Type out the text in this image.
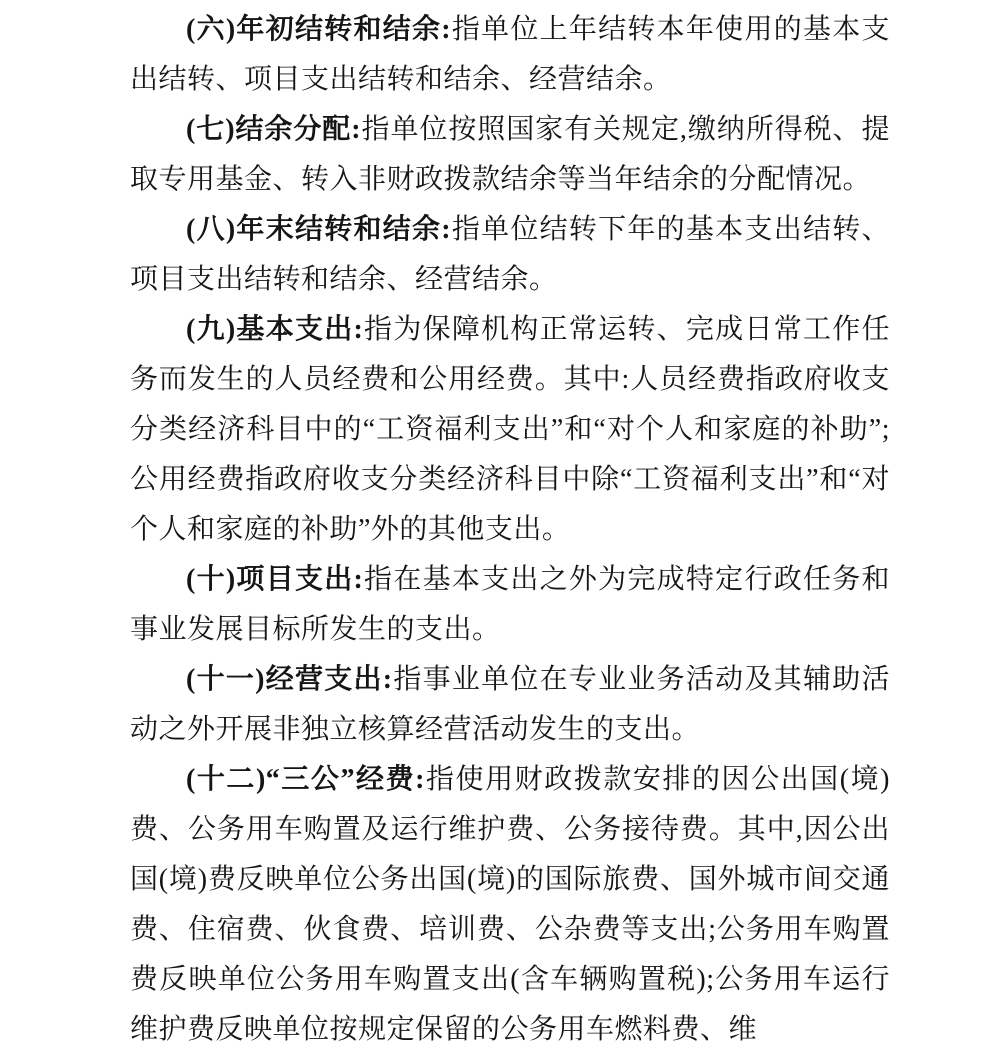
(六)年初结转和结余:指单位上年结转本年使用的基本支出结转、项目支出结转和结余、经营结余。

(七)结余分配:指单位按照国家有关规定,缴纳所得税、提取专用基金、转入非财政拨款结余等当年结余的分配情况。

(八)年末结转和结余:指单位结转下年的基本支出结转、项目支出结转和结余、经营结余。

(九)基本支出:指为保障机构正常运转、完成日常工作任务而发生的人员经费和公用经费。其中:人员经费指政府收支分类经济科目中的“工资福利支出”和“对个人和家庭的补助”;公用经费指政府收支分类经济科目中除“工资福利支出”和“对个人和家庭的补助”外的其他支出。

(十)项目支出:指在基本支出之外为完成特定行政任务和事业发展目标所发生的支出。

(十一)经营支出:指事业单位在专业业务活动及其辅助活动之外开展非独立核算经营活动发生的支出。

(十二)“三公”经费:指使用财政拨款安排的因公出国(境)费、公务用车购置及运行维护费、公务接待费。其中,因公出国(境)费反映单位公务出国(境)的国际旅费、国外城市间交通费、住宿费、伙食费、培训费、公杂费等支出;公务用车购置费反映单位公务用车购置支出(含车辆购置税);公务用车运行维护费反映单位按规定保留的公务用车燃料费、维
